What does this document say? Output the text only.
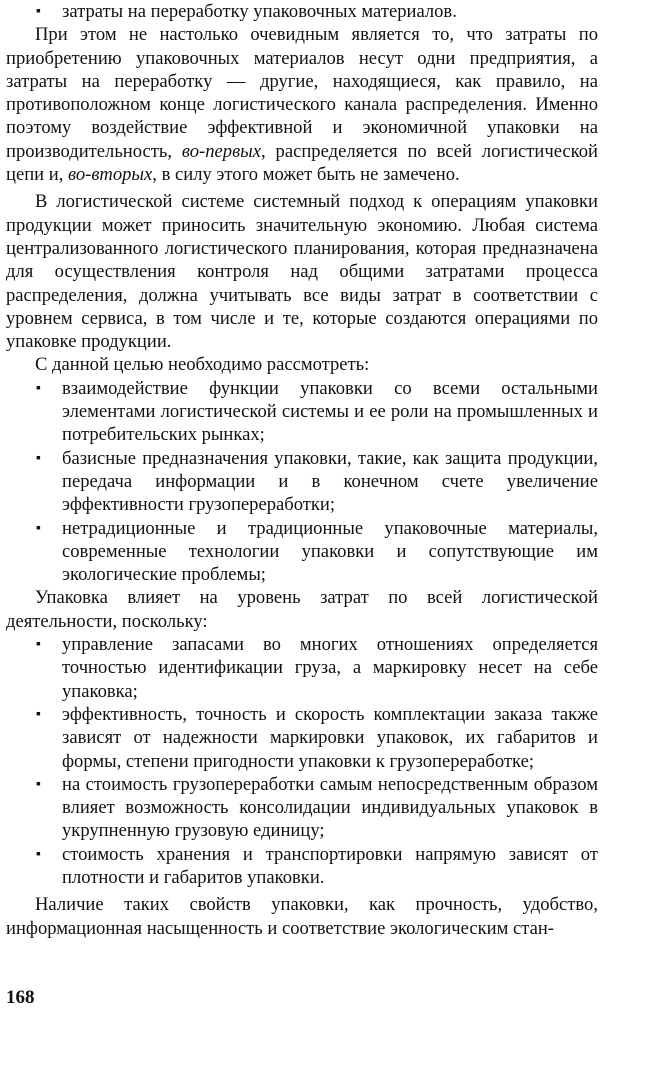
▪ затраты на переработку упаковочных материалов.

При этом не настолько очевидным является то, что затраты по приобретению упаковочных материалов несут одни предприятия, а затраты на переработку — другие, находящиеся, как правило, на противоположном конце логистического канала распределения. Именно поэтому воздействие эффективной и экономичной упаковки на производительность, во-первых, распределяется по всей логистической цепи и, во-вторых, в силу этого может быть не замечено.

В логистической системе системный подход к операциям упаковки продукции может приносить значительную экономию. Любая система централизованного логистического планирования, которая предназначена для осуществления контроля над общими затратами процесса распределения, должна учитывать все виды затрат в соответствии с уровнем сервиса, в том числе и те, которые создаются операциями по упаковке продукции.

С данной целью необходимо рассмотреть:

▪ взаимодействие функции упаковки со всеми остальными элементами логистической системы и ее роли на промышленных и потребительских рынках;
▪ базисные предназначения упаковки, такие, как защита продукции, передача информации и в конечном счете увеличение эффективности грузопереработки;
▪ нетрадиционные и традиционные упаковочные материалы, современные технологии упаковки и сопутствующие им экологические проблемы;

Упаковка влияет на уровень затрат по всей логистической деятельности, поскольку:

▪ управление запасами во многих отношениях определяется точностью идентификации груза, а маркировку несет на себе упаковка;
▪ эффективность, точность и скорость комплектации заказа также зависят от надежности маркировки упаковок, их габаритов и формы, степени пригодности упаковки к грузопереработке;
▪ на стоимость грузопереработки самым непосредственным образом влияет возможность консолидации индивидуальных упаковок в укрупненную грузовую единицу;
▪ стоимость хранения и транспортировки напрямую зависят от плотности и габаритов упаковки.

Наличие таких свойств упаковки, как прочность, удобство, информационная насыщенность и соответствие экологическим стан-

168
